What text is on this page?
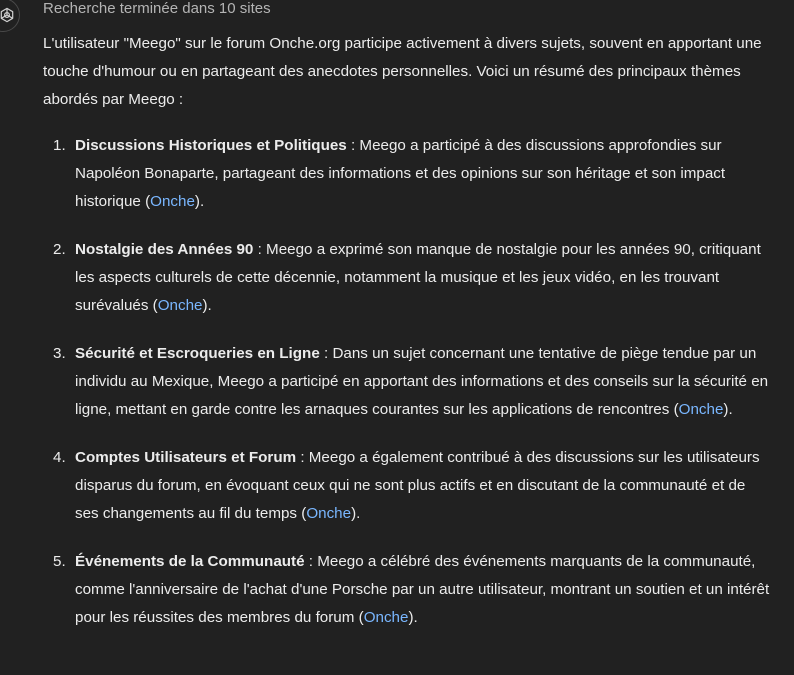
Recherche terminée dans 10 sites

L'utilisateur "Meego" sur le forum Onche.org participe activement à divers sujets, souvent en apportant une touche d'humour ou en partageant des anecdotes personnelles. Voici un résumé des principaux thèmes abordés par Meego :

1. Discussions Historiques et Politiques : Meego a participé à des discussions approfondies sur Napoléon Bonaparte, partageant des informations et des opinions sur son héritage et son impact historique (Onche).
2. Nostalgie des Années 90 : Meego a exprimé son manque de nostalgie pour les années 90, critiquant les aspects culturels de cette décennie, notamment la musique et les jeux vidéo, en les trouvant surévalués (Onche).
3. Sécurité et Escroqueries en Ligne : Dans un sujet concernant une tentative de piège tendue par un individu au Mexique, Meego a participé en apportant des informations et des conseils sur la sécurité en ligne, mettant en garde contre les arnaques courantes sur les applications de rencontres (Onche).
4. Comptes Utilisateurs et Forum : Meego a également contribué à des discussions sur les utilisateurs disparus du forum, en évoquant ceux qui ne sont plus actifs et en discutant de la communauté et de ses changements au fil du temps (Onche).
5. Événements de la Communauté : Meego a célébré des événements marquants de la communauté, comme l'anniversaire de l'achat d'une Porsche par un autre utilisateur, montrant un soutien et un intérêt pour les réussites des membres du forum (Onche).
